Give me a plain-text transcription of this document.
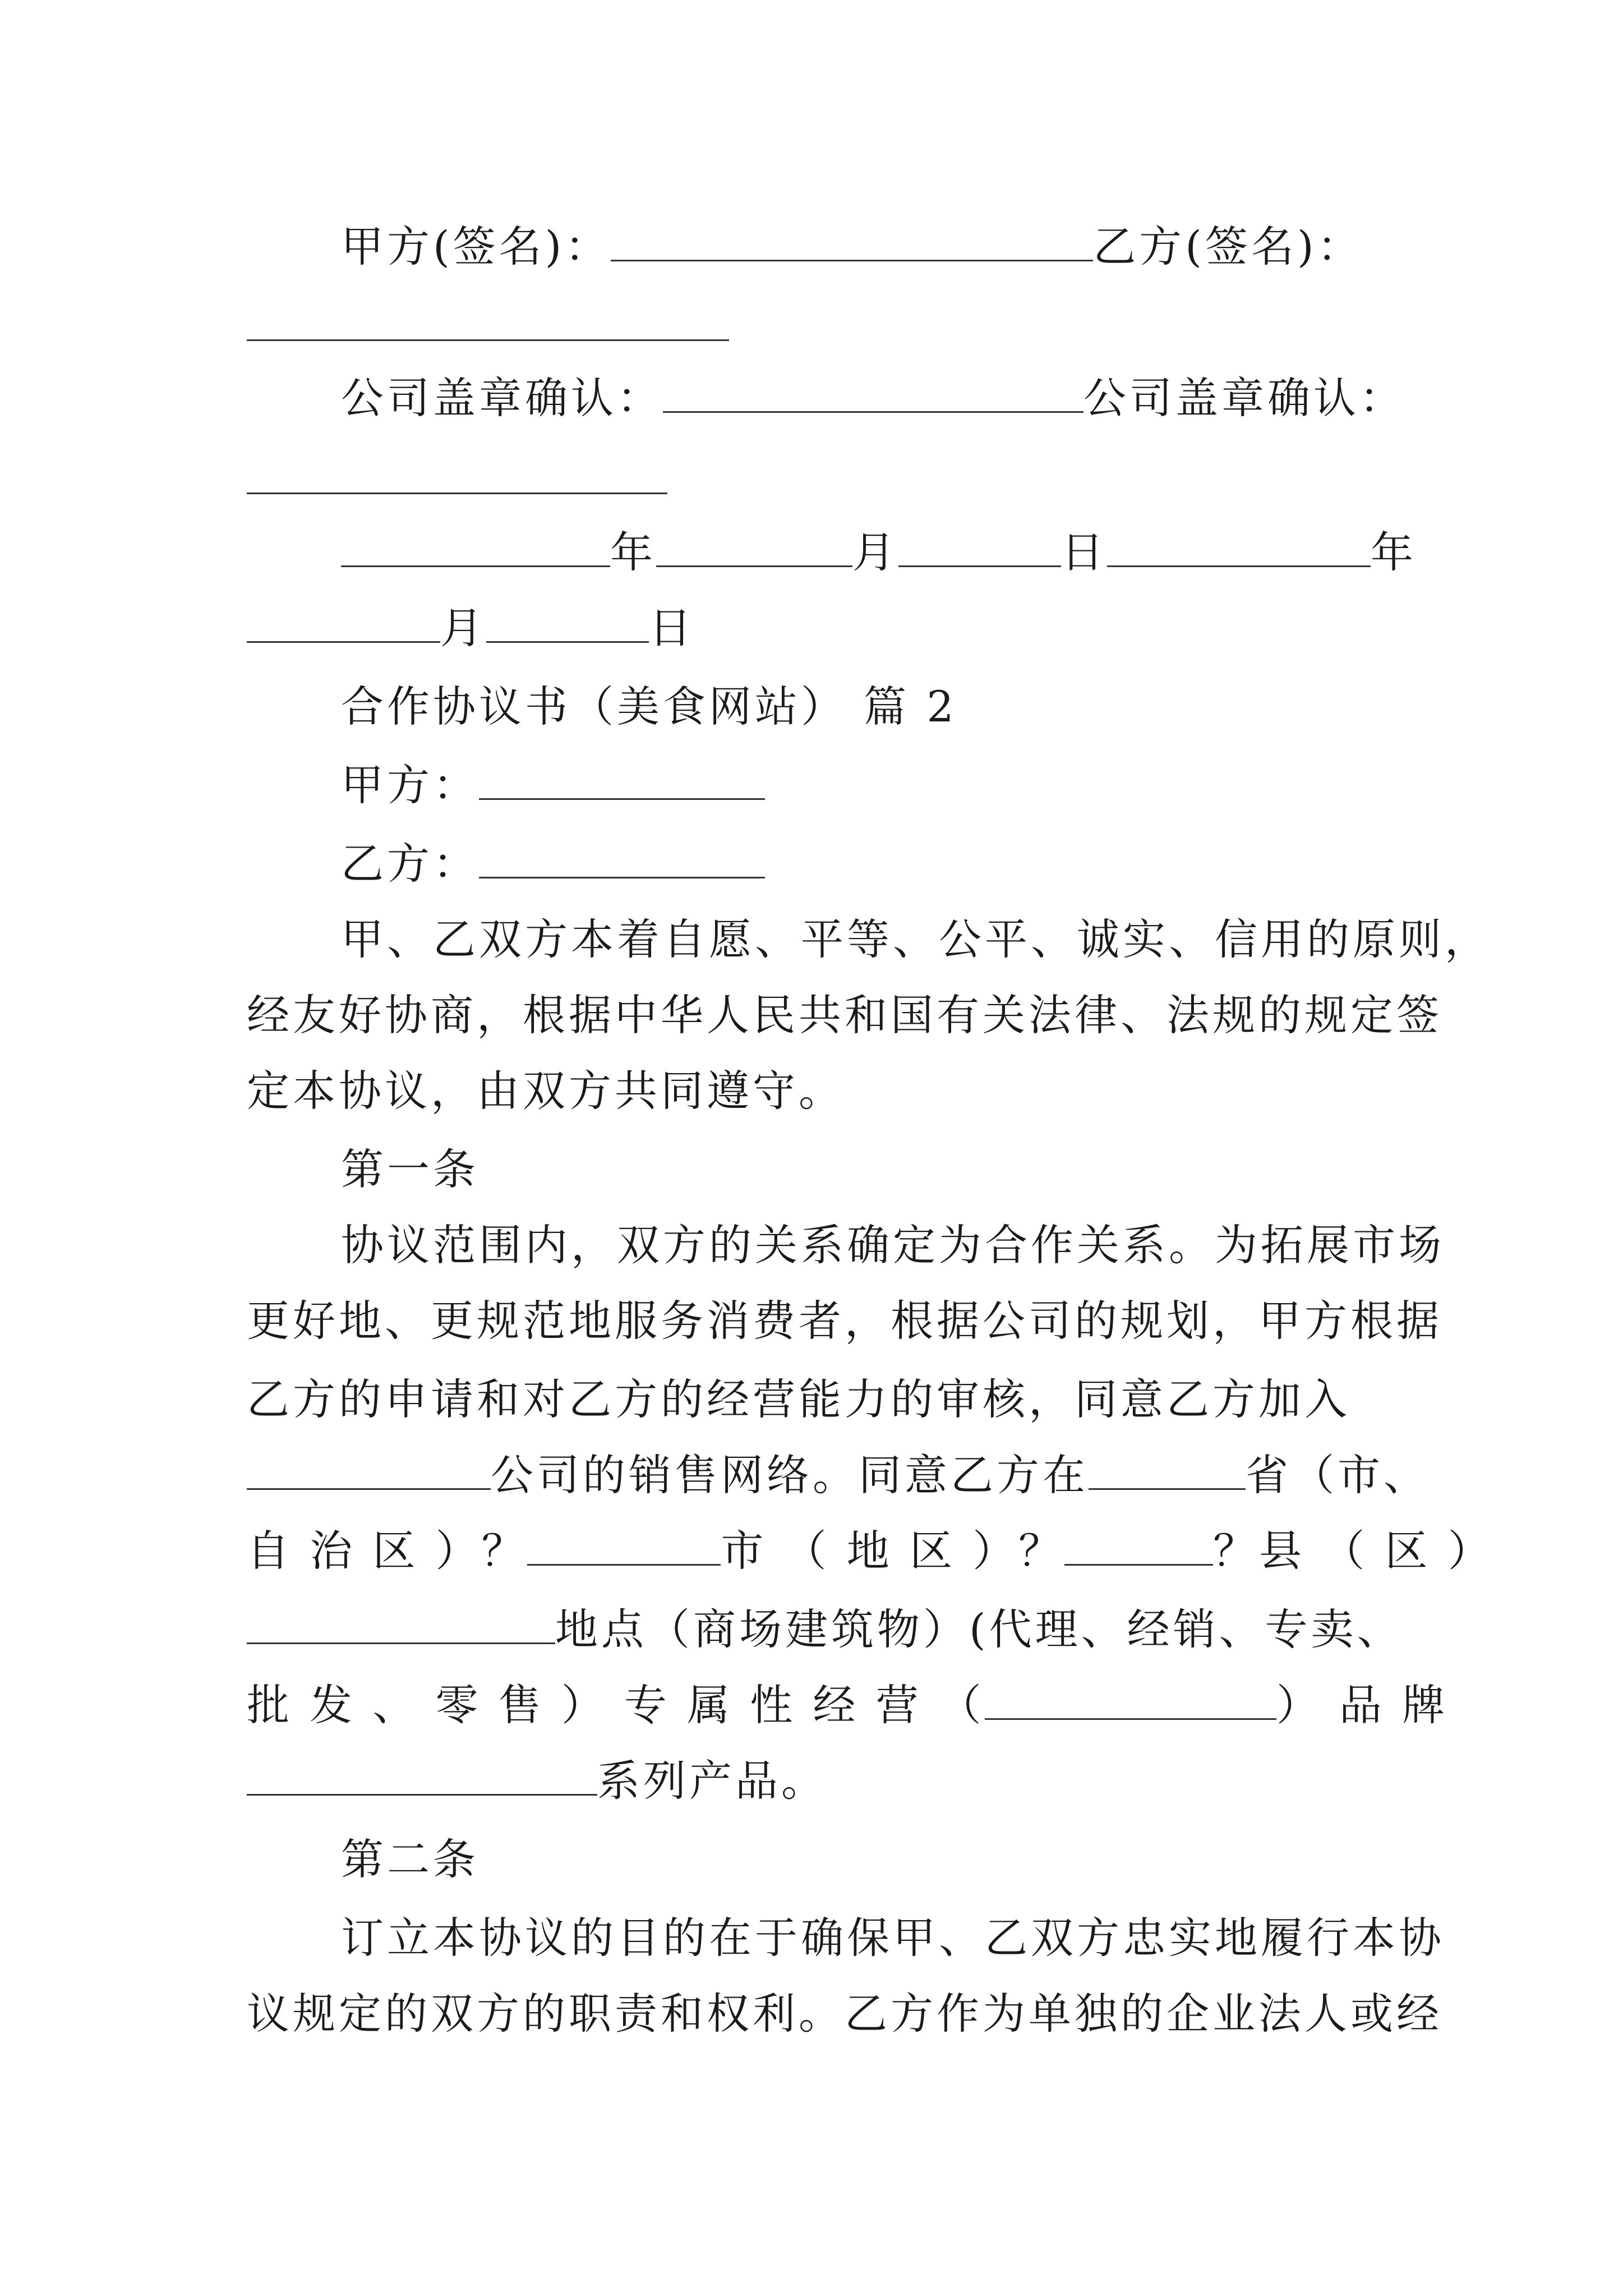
甲方(签名)：	乙方(签名)：
公司盖章确认：	公司盖章确认：
年	月	日	年
月	日
合作协议书（美食网站） 篇 2
甲方：
乙方：
甲、乙双方本着自愿、平等、公平、诚实、信用的原则，
经友好协商，根据中华人民共和国有关法律、法规的规定签
定本协议，由双方共同遵守。
第一条
协议范围内，双方的关系确定为合作关系。为拓展市场
更好地、更规范地服务消费者，根据公司的规划，甲方根据
乙方的申请和对乙方的经营能力的审核，同意乙方加入
公司的销售网络。同意乙方在	省（市、
自 治 区 ）？	市 （ 地 区 ）？	？县 （ 区 ）
地点（商场建筑物）(代理、经销、专卖、
批 发 、 零 售 ） 专 属 性 经 营 （	） 品 牌
系列产品。
第二条
订立本协议的目的在于确保甲、乙双方忠实地履行本协
议规定的双方的职责和权利。乙方作为单独的企业法人或经
